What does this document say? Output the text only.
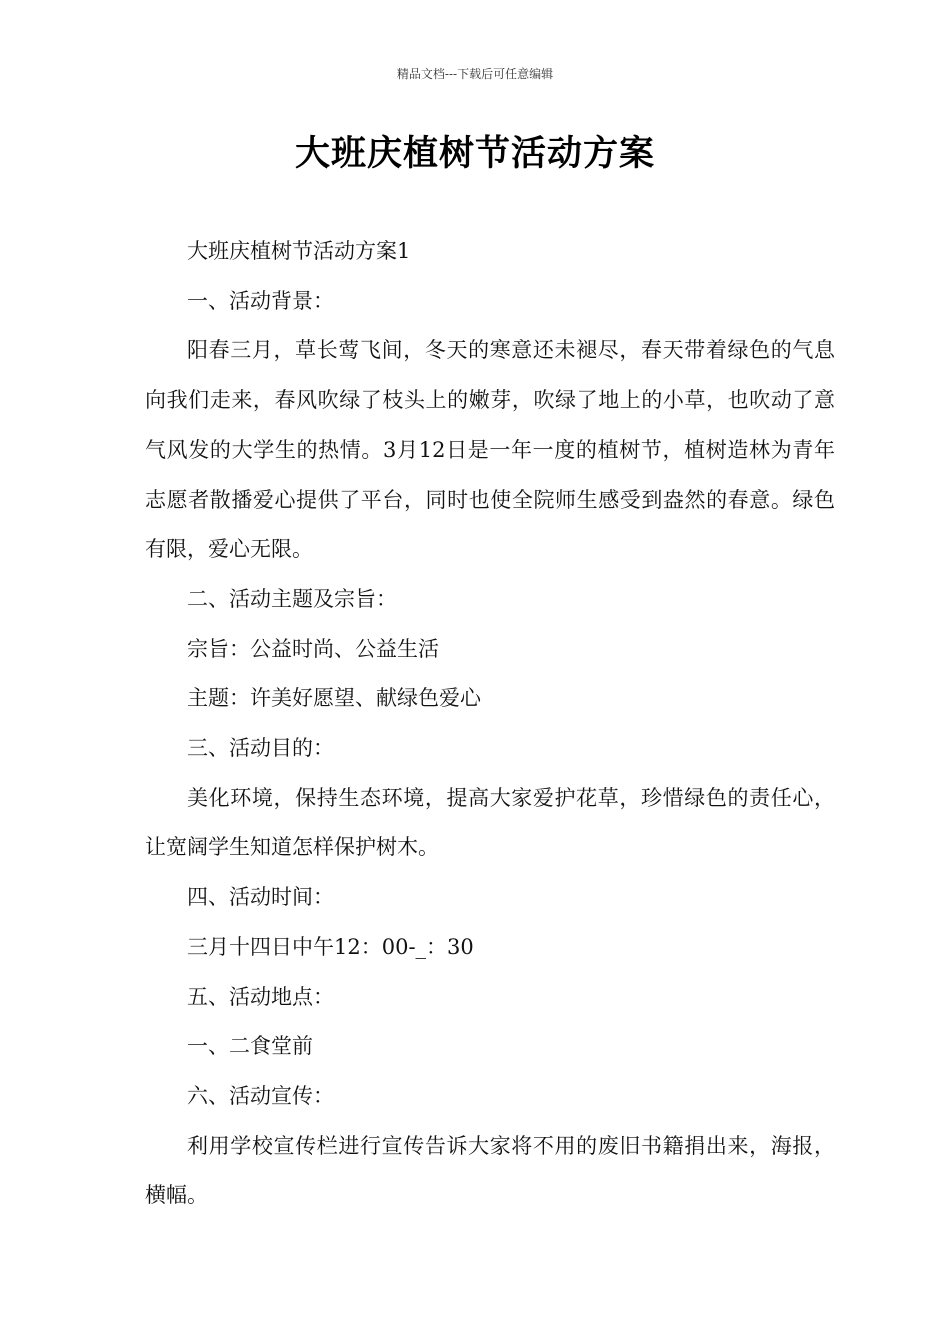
精品文档---下载后可任意编辑
大班庆植树节活动方案

大班庆植树节活动方案1

一、活动背景：

阳春三月，草长莺飞间，冬天的寒意还未褪尽，春天带着绿色的气息向我们走来，春风吹绿了枝头上的嫩芽，吹绿了地上的小草，也吹动了意气风发的大学生的热情。3月12日是一年一度的植树节，植树造林为青年志愿者散播爱心提供了平台，同时也使全院师生感受到盎然的春意。绿色有限，爱心无限。

二、活动主题及宗旨：

宗旨：公益时尚、公益生活

主题：许美好愿望、献绿色爱心

三、活动目的：

美化环境，保持生态环境，提高大家爱护花草，珍惜绿色的责任心，让宽阔学生知道怎样保护树木。

四、活动时间：

三月十四日中午12：00-_：30

五、活动地点：

一、二食堂前

六、活动宣传：

利用学校宣传栏进行宣传告诉大家将不用的废旧书籍捐出来，海报，横幅。
